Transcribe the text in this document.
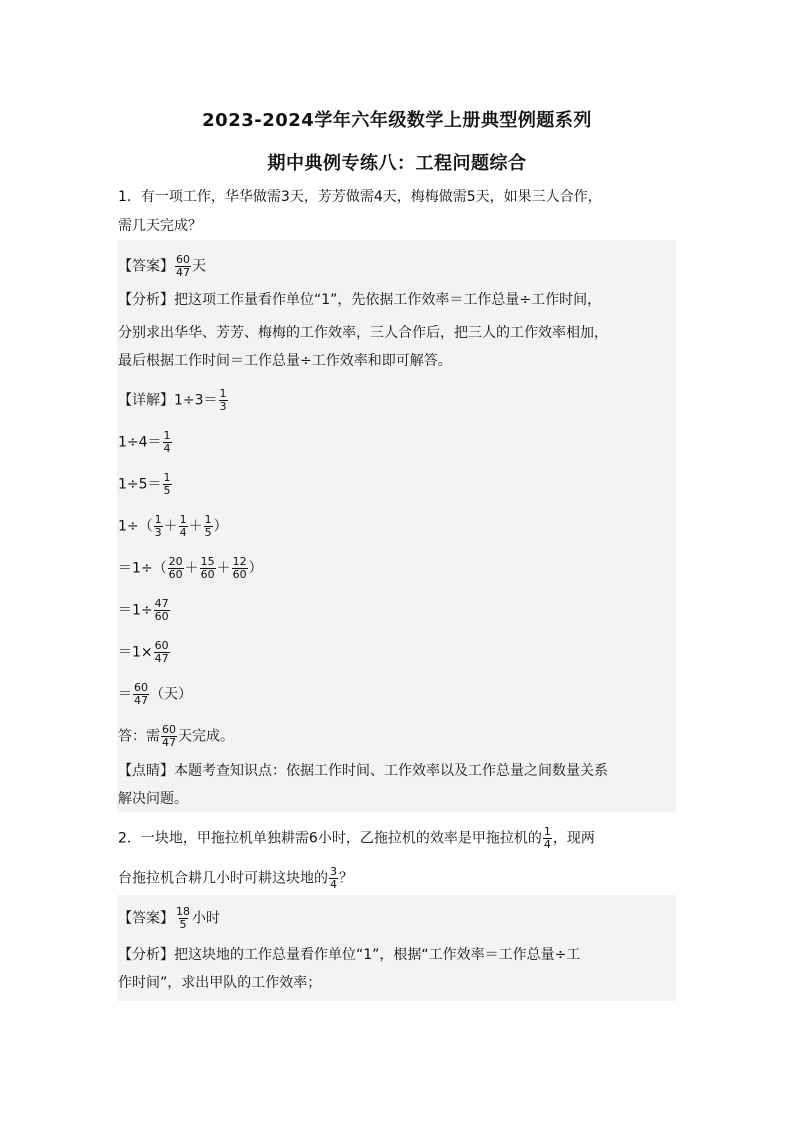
2023-2024学年六年级数学上册典型例题系列
期中典例专练八：工程问题综合
1．有一项工作，华华做需3天，芳芳做需4天，梅梅做需5天，如果三人合作，
需几天完成？
【答案】 $\frac{60}{47}$ 天
【分析】把这项工作量看作单位“1”，先依据工作效率＝工作总量÷工作时间，
分别求出华华、芳芳、梅梅的工作效率，三人合作后，把三人的工作效率相加，
最后根据工作时间＝工作总量÷工作效率和即可解答。
【详解】$1\div 3= \frac{1}{3}$
$1\div 4= \frac{1}{4}$
$1\div 5= \frac{1}{5}$
$1\div( \frac{1}{3} + \frac{1}{4} + \frac{1}{5}$ ）
$=1\div( \frac{20}{60} + \frac{15}{60} + \frac{12}{60}$ ）
$=1\div \frac{47}{60}$
$=1\times \frac{60}{47}$
＝ $\frac{60}{47}$ （天）
答：需 $\frac{60}{47}$ 天完成。
【点睛】本题考查知识点：依据工作时间、工作效率以及工作总量之间数量关系
解决问题。
2．一块地，甲拖拉机单独耕需6小时，乙拖拉机的效率是甲拖拉机的 $\frac{1}{4}$ ，现两
台拖拉机合耕几小时可耕这块地的 $\frac{3}{4}$ ？
【答案】 $\frac{18}{5}$ 小时
【分析】把这块地的工作总量看作单位“1”，根据“工作效率＝工作总量÷工
作时间”，求出甲队的工作效率；
